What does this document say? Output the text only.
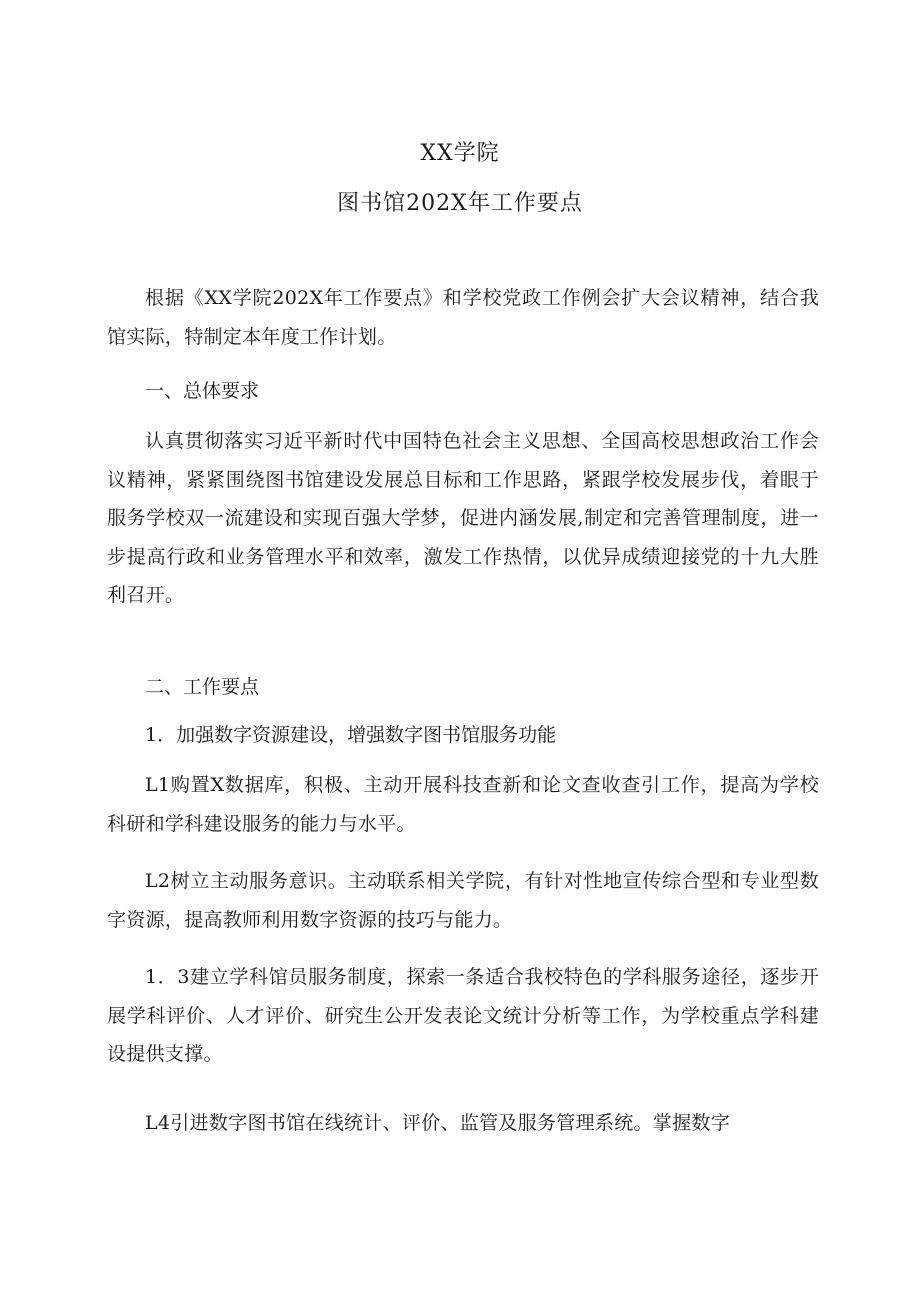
XX学院
图书馆202X年工作要点

根据《XX学院202X年工作要点》和学校党政工作例会扩大会议精神，结合我馆实际，特制定本年度工作计划。

一、总体要求

认真贯彻落实习近平新时代中国特色社会主义思想、全国高校思想政治工作会议精神，紧紧围绕图书馆建设发展总目标和工作思路，紧跟学校发展步伐，着眼于服务学校双一流建设和实现百强大学梦，促进内涵发展,制定和完善管理制度，进一步提高行政和业务管理水平和效率，激发工作热情，以优异成绩迎接党的十九大胜利召开。

二、工作要点

1．加强数字资源建设，增强数字图书馆服务功能

L1购置X数据库，积极、主动开展科技查新和论文查收查引工作，提高为学校科研和学科建设服务的能力与水平。

L2树立主动服务意识。主动联系相关学院，有针对性地宣传综合型和专业型数字资源，提高教师利用数字资源的技巧与能力。

1．3建立学科馆员服务制度，探索一条适合我校特色的学科服务途径，逐步开展学科评价、人才评价、研究生公开发表论文统计分析等工作，为学校重点学科建设提供支撑。

L4引进数字图书馆在线统计、评价、监管及服务管理系统。掌握数字
